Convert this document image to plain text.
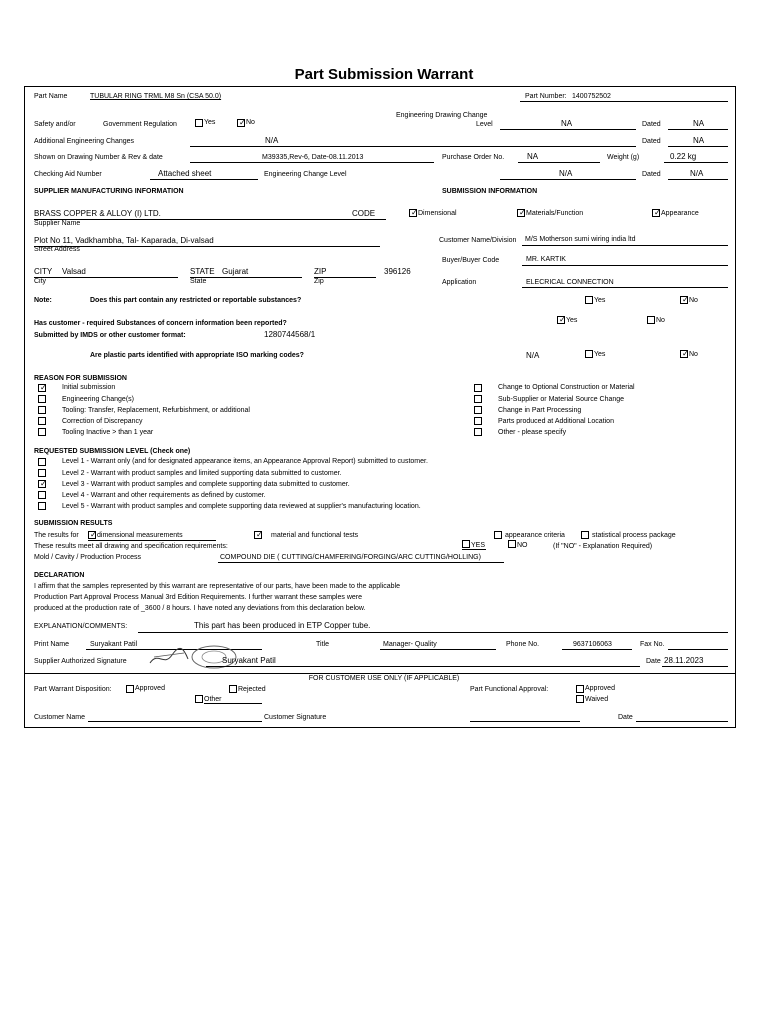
Part Submission Warrant
Part Name	TUBULAR RING TRML M8 Sn (CSA 50.0)	Part Number: 1400752502
Safety and/or	Government Regulation	Yes	✓ No
Engineering Drawing Change
Level	NA	Dated	NA
Additional Engineering Changes	N/A	Dated	NA
Shown on Drawing Number & Rev & date	M39335,Rev-6, Date-08.11.2013	Purchase Order No.	NA	Weight (g)	0.22 kg
Checking Aid Number	Attached sheet	Engineering Change Level	N/A	Dated	N/A
SUPPLIER MANUFACTURING INFORMATION	SUBMISSION INFORMATION
BRASS COPPER & ALLOY (I) LTD.	CODE
Supplier Name
✓ Dimensional	✓ Materials/Function	✓ Appearance
Plot No 11, Vadkhambha, Tal- Kaparada, Di-valsad
Street Address
Customer Name/Division M/S Motherson sumi wiring india ltd
Buyer/Buyer Code	MR. KARTIK
CITY Valsad	STATE Gujarat	ZIP	396126
City	State	Zip	Application	ELECRICAL CONNECTION
Note:	Does this part contain any restricted or reportable substances?	Yes	✓ No
Has customer - required Substances of concern information been reported?	✓ Yes	No
Submitted by IMDS or other customer format:	1280744568/1
Are plastic parts identified with appropriate ISO marking codes?	N/A	Yes	✓ No
REASON FOR SUBMISSION
✓ Initial submission
Engineering Change(s)
Tooling: Transfer, Replacement, Refurbishment, or additional
Correction of Discrepancy
Tooling Inactive > than 1 year
Change to Optional Construction or Material
Sub-Supplier or Material Source Change
Change in Part Processing
Parts produced at Additional Location
Other - please specify
REQUESTED SUBMISSION LEVEL (Check one)
Level 1 - Warrant only (and for designated appearance items, an Appearance Approval Report) submitted to customer.
Level 2 - Warrant with product samples and limited supporting data submitted to customer.
✓ Level 3 - Warrant with product samples and complete supporting data submitted to customer.
Level 4 - Warrant and other requirements as defined by customer.
Level 5 - Warrant with product samples and complete supporting data reviewed at supplier's manufacturing location.
SUBMISSION RESULTS
The results for ✓ dimensional measurements	✓ material and functional tests	appearance criteria	statistical process package
These results meet all drawing and specification requirements:	YES	NO	(If "NO" - Explanation Required)
Mold / Cavity / Production Process	COMPOUND DIE ( CUTTING/CHAMFERING/FORGING/ARC CUTTING/HOLLING)
DECLARATION
I affirm that the samples represented by this warrant are representative of our parts, have been made to the applicable
Production Part Approval Process Manual 3rd Edition Requirements. I further warrant these samples were
produced at the production rate of _3600 / 8 hours. I have noted any deviations from this declaration below.
EXPLANATION/COMMENTS:	This part has been produced in ETP Copper tube.
Print Name	Suryakant Patil	Title	Manager- Quality	Phone No.	9637106063	Fax No.
Supplier Authorized Signature	Suryakant Patil	Date 28.11.2023
FOR CUSTOMER USE ONLY (IF APPLICABLE)
Part Warrant Disposition:	Approved	Rejected
Other
Part Functional Approval:	Approved
Waived
Customer Name	Customer Signature	Date
